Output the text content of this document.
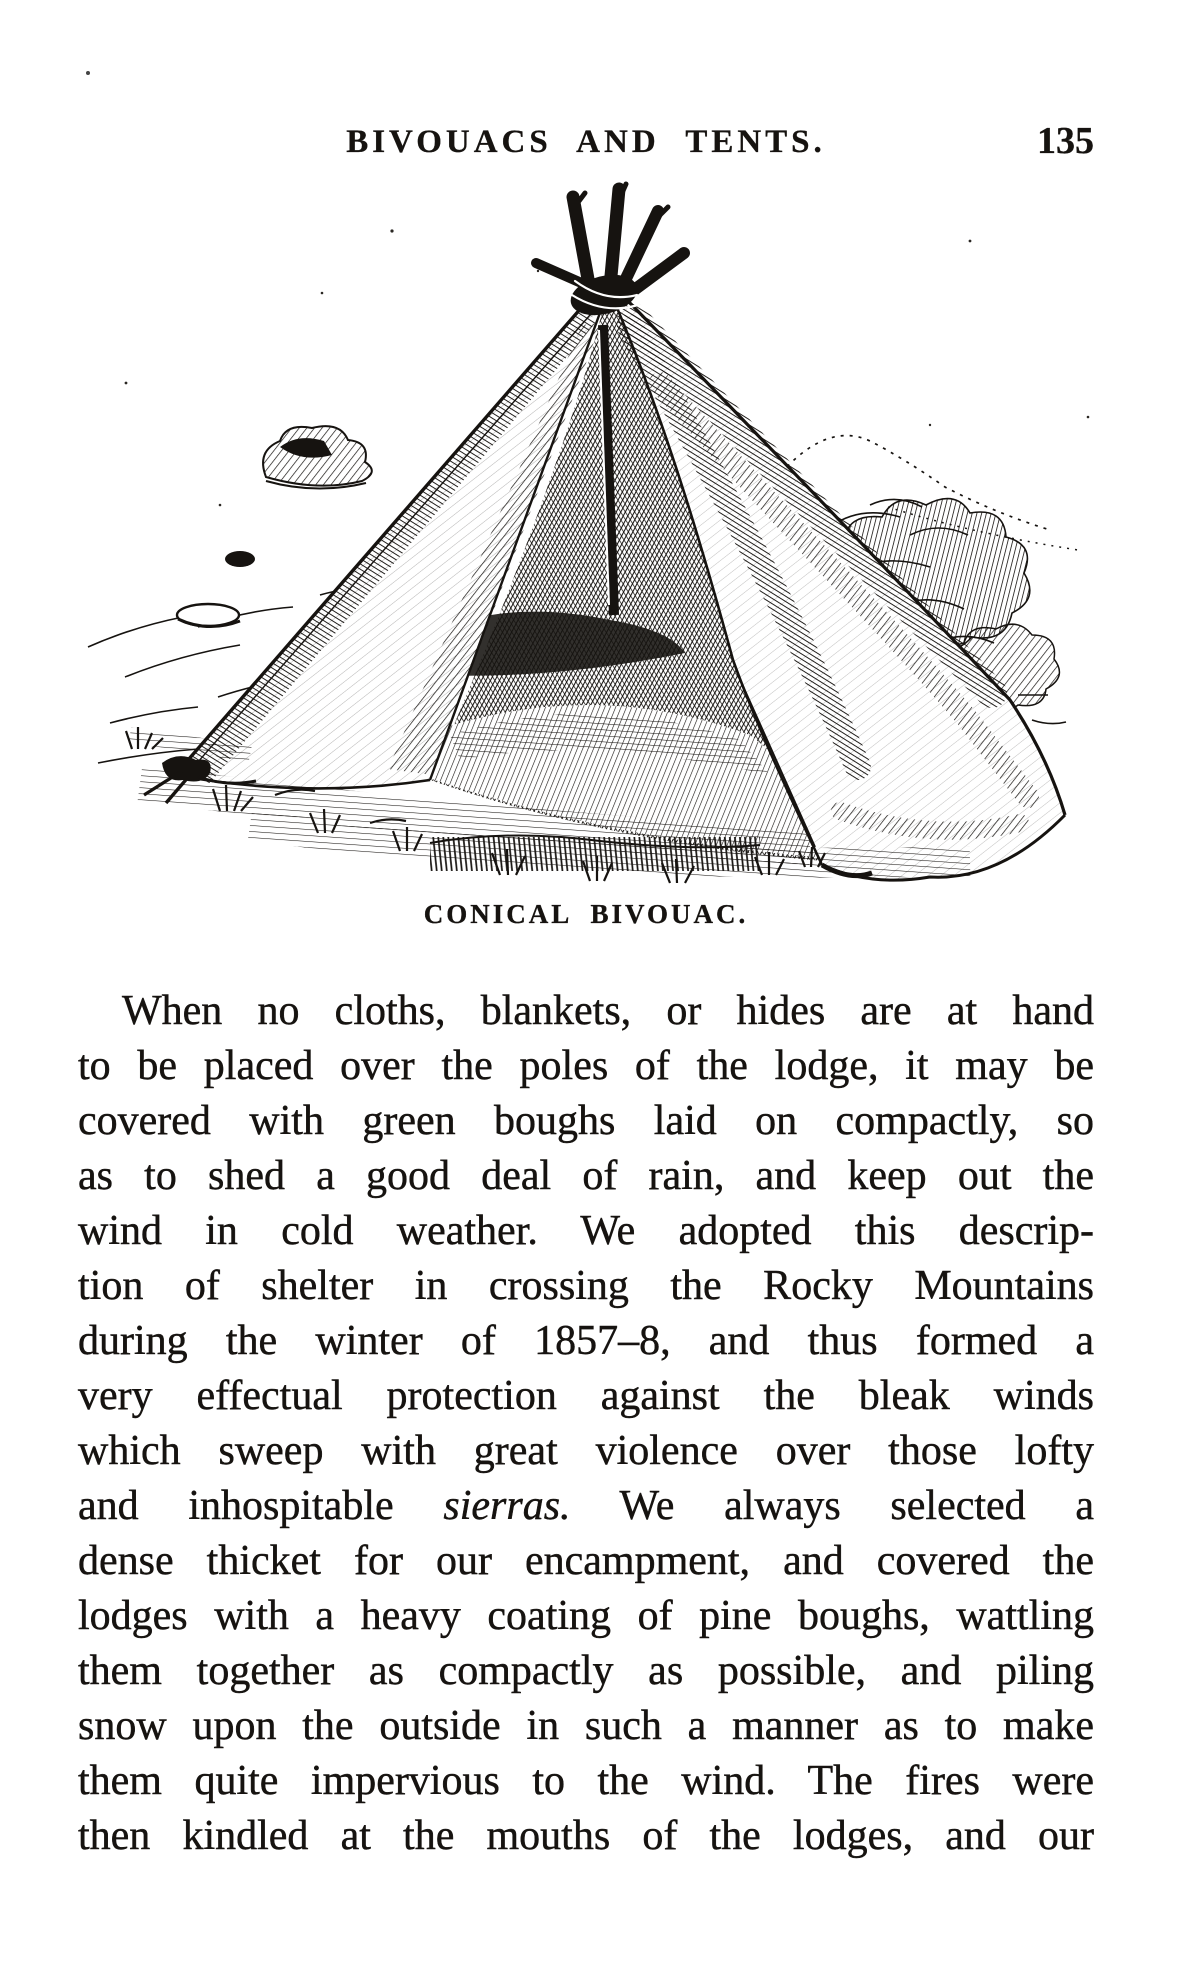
BIVOUACS AND TENTS.	135
CONICAL BIVOUAC.
When no cloths, blankets, or hides are at hand
to be placed over the poles of the lodge, it may be
covered with green boughs laid on compactly, so
as to shed a good deal of rain, and keep out the
wind in cold weather. We adopted this descrip-
tion of shelter in crossing the Rocky Mountains
during the winter of 1857–8, and thus formed a
very effectual protection against the bleak winds
which sweep with great violence over those lofty
and inhospitable sierras. We always selected a
dense thicket for our encampment, and covered the
lodges with a heavy coating of pine boughs, wattling
them together as compactly as possible, and piling
snow upon the outside in such a manner as to make
them quite impervious to the wind. The fires were
then kindled at the mouths of the lodges, and our
